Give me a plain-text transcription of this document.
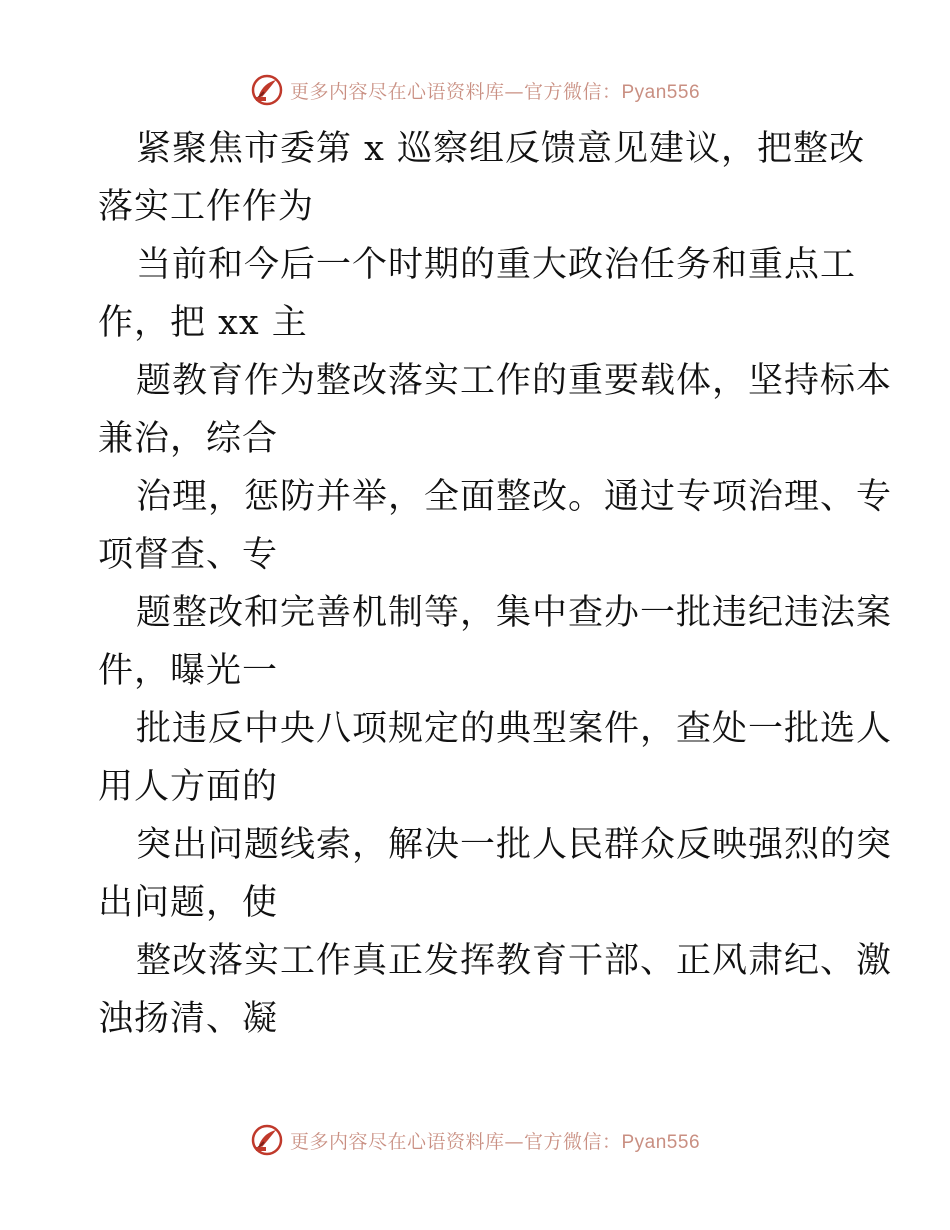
更多内容尽在心语资料库—官方微信：Pyan556
紧聚焦市委第 x 巡察组反馈意见建议，把整改
落实工作作为
当前和今后一个时期的重大政治任务和重点工
作，把 xx 主
题教育作为整改落实工作的重要载体，坚持标本
兼治，综合
治理，惩防并举，全面整改。通过专项治理、专
项督查、专
题整改和完善机制等，集中查办一批违纪违法案
件，曝光一
批违反中央八项规定的典型案件，查处一批选人
用人方面的
突出问题线索，解决一批人民群众反映强烈的突
出问题，使
整改落实工作真正发挥教育干部、正风肃纪、激
浊扬清、凝
更多内容尽在心语资料库—官方微信：Pyan556
